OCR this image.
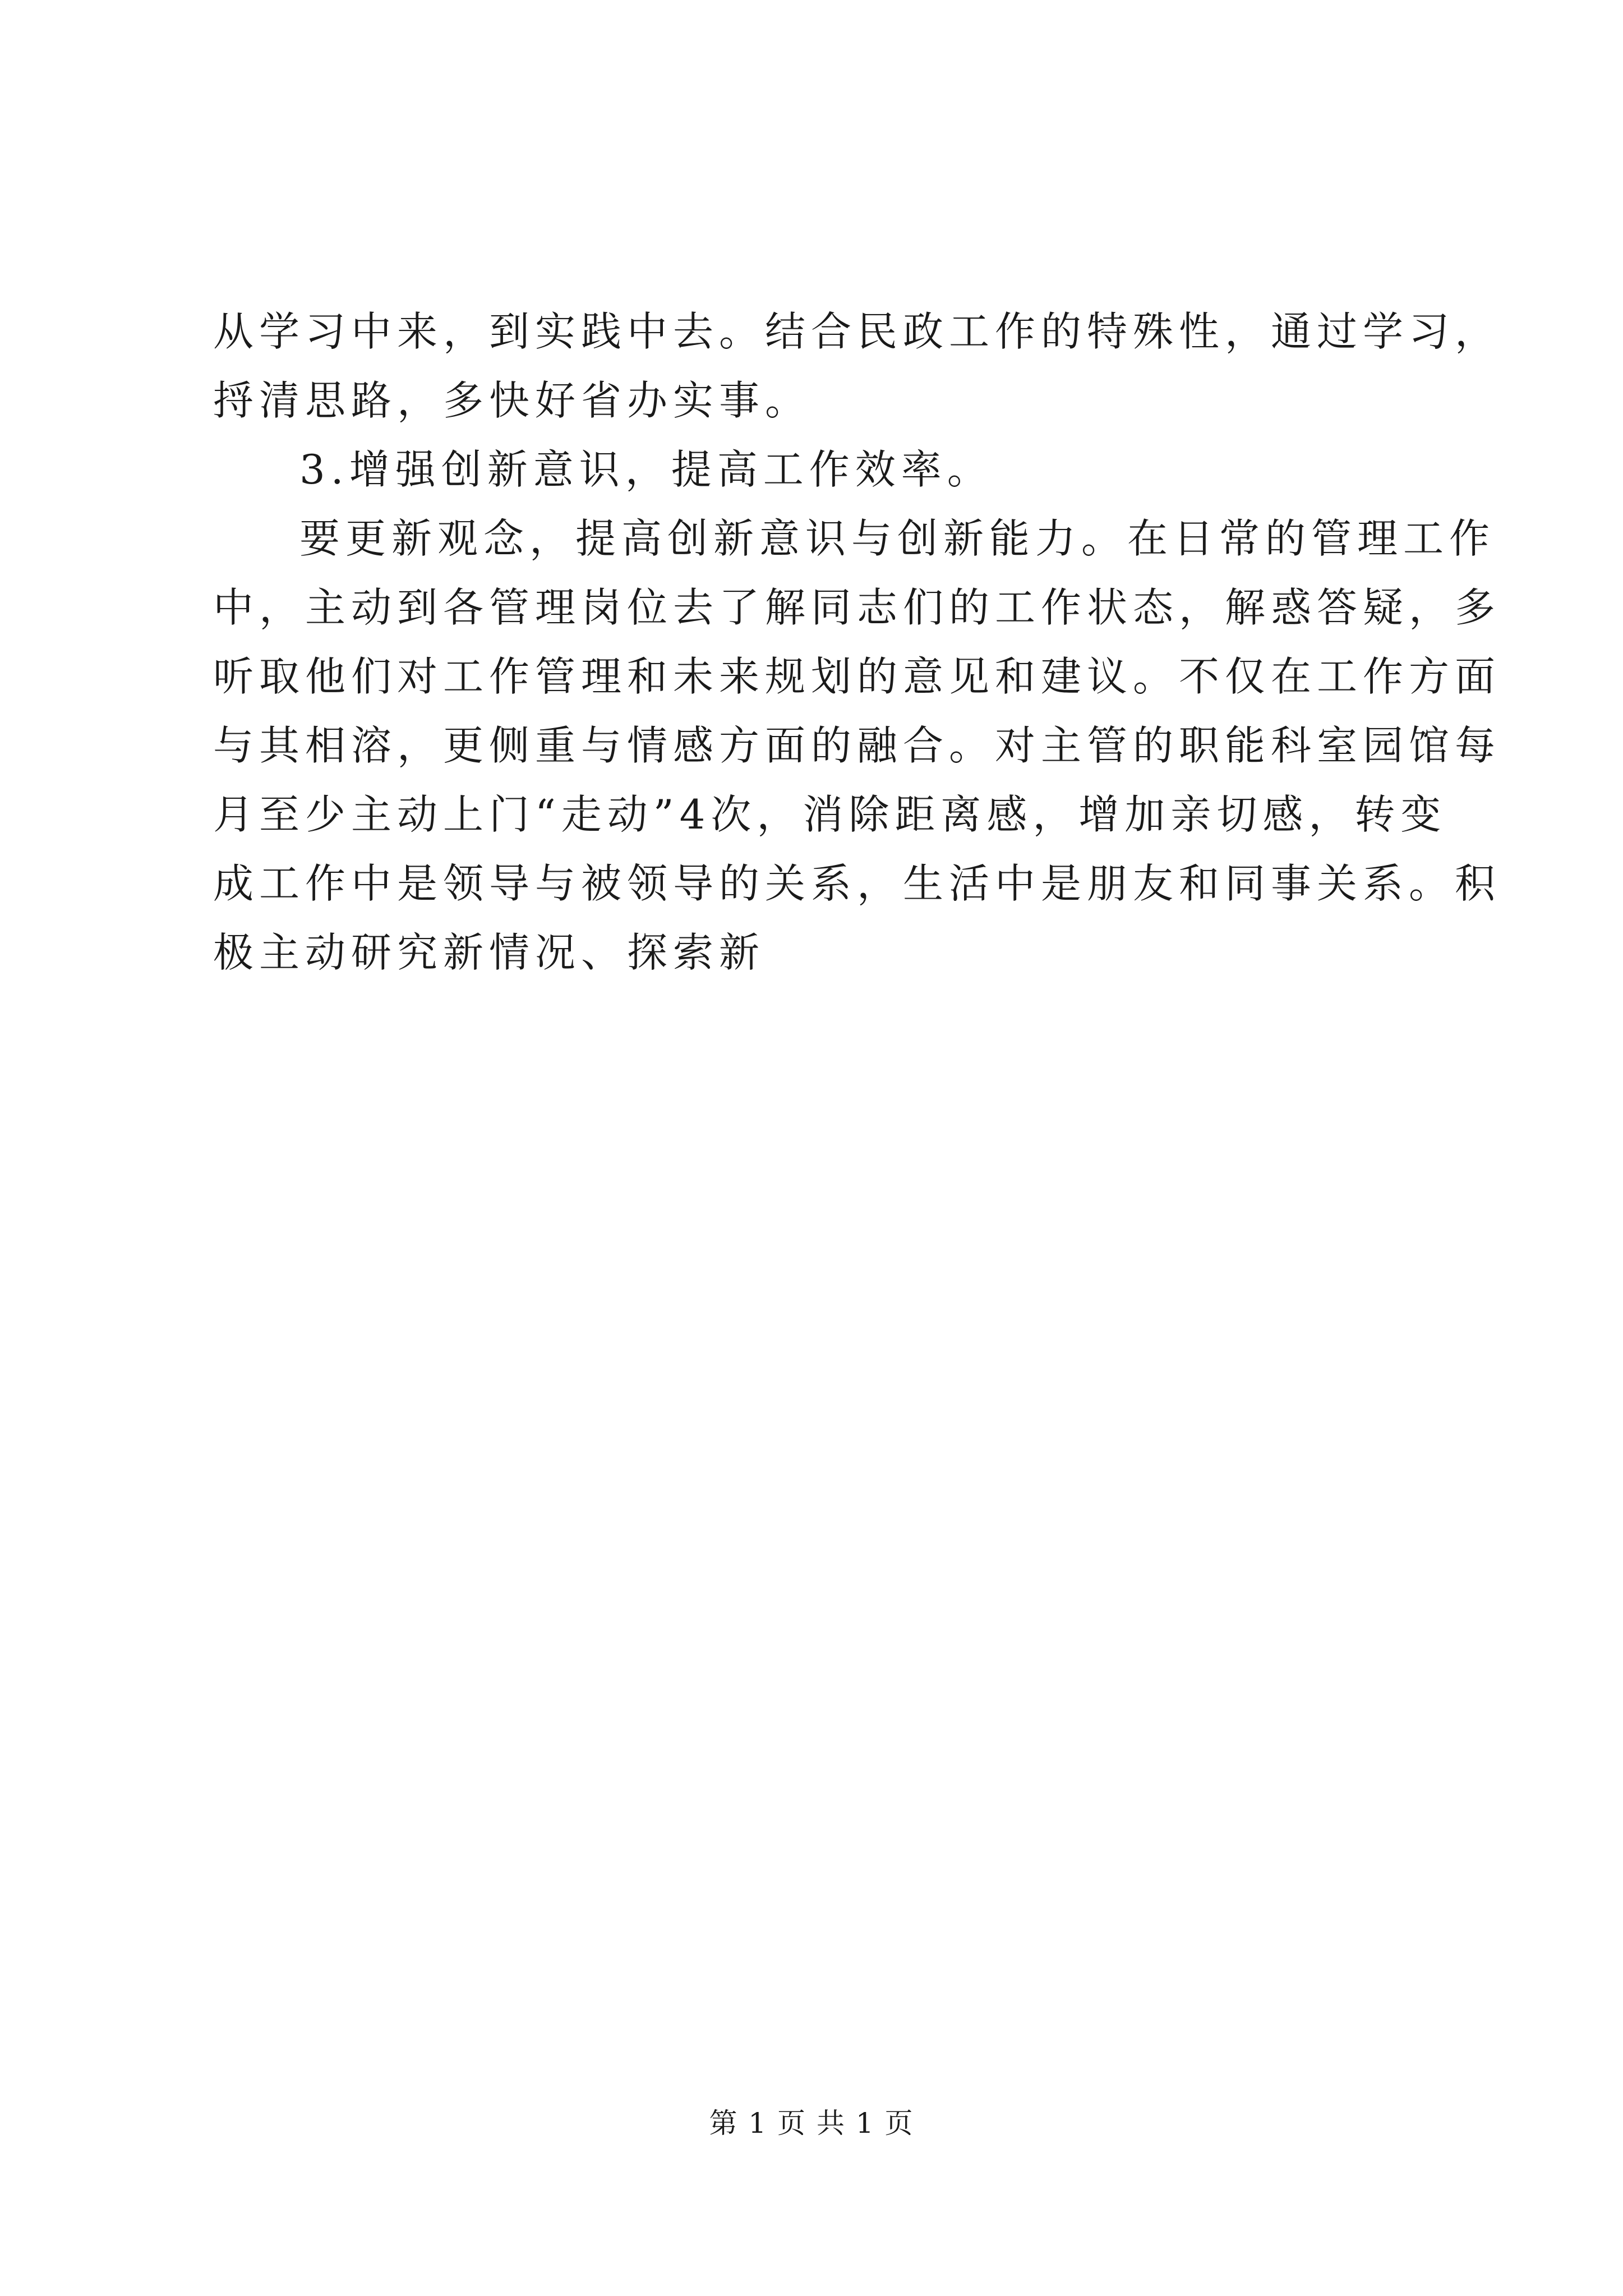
从学习中来，到实践中去。结合民政工作的特殊性，通过学习，
捋清思路，多快好省办实事。
3.增强创新意识，提高工作效率。
要更新观念，提高创新意识与创新能力。在日常的管理工作
中，主动到各管理岗位去了解同志们的工作状态，解惑答疑，多
听取他们对工作管理和未来规划的意见和建议。不仅在工作方面
与其相溶，更侧重与情感方面的融合。对主管的职能科室园馆每
月至少主动上门“走动”4次，消除距离感，增加亲切感，转变
成工作中是领导与被领导的关系，生活中是朋友和同事关系。积
极主动研究新情况、探索新
第 1 页 共 1 页
